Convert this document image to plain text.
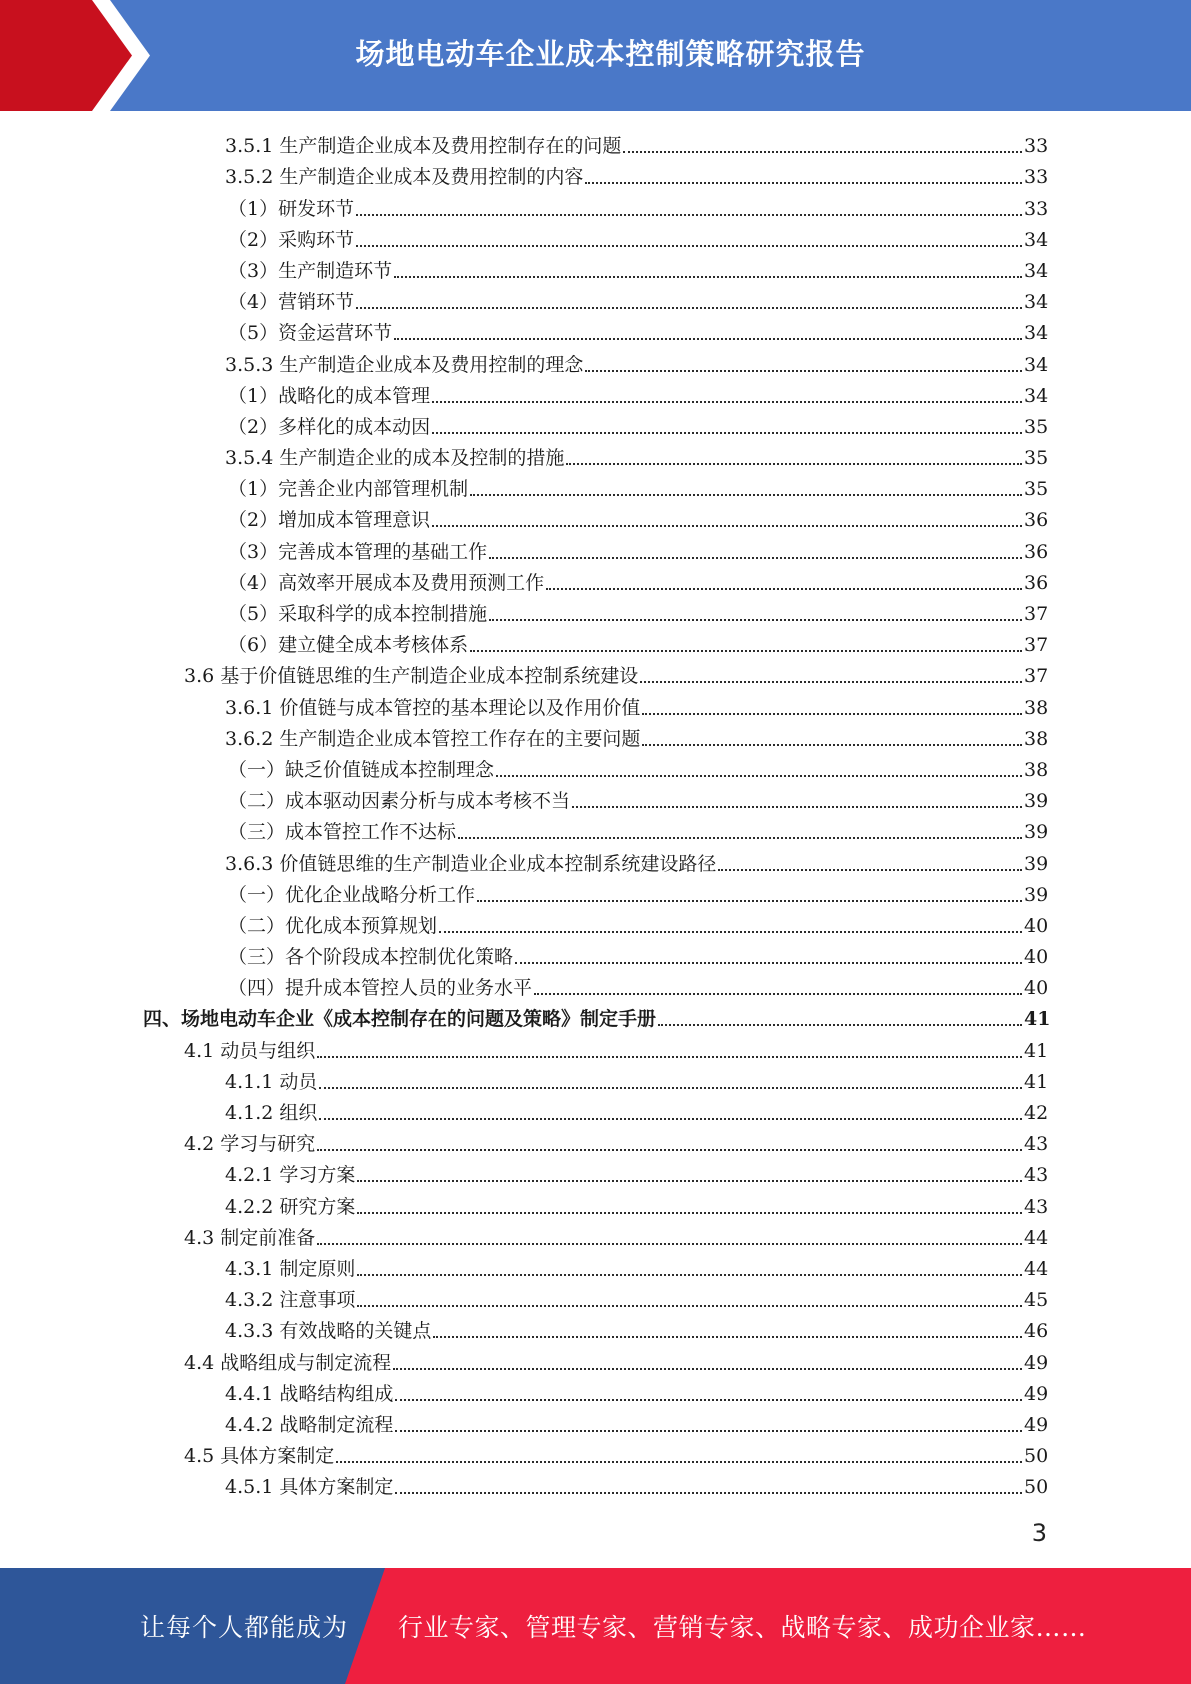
场地电动车企业成本控制策略研究报告
3.5.1 生产制造企业成本及费用控制存在的问题	33
3.5.2 生产制造企业成本及费用控制的内容	33
（1）研发环节	33
（2）采购环节	34
（3）生产制造环节	34
（4）营销环节	34
（5）资金运营环节	34
3.5.3 生产制造企业成本及费用控制的理念	34
（1）战略化的成本管理	34
（2）多样化的成本动因	35
3.5.4 生产制造企业的成本及控制的措施	35
（1）完善企业内部管理机制	35
（2）增加成本管理意识	36
（3）完善成本管理的基础工作	36
（4）高效率开展成本及费用预测工作	36
（5）采取科学的成本控制措施	37
（6）建立健全成本考核体系	37
3.6 基于价值链思维的生产制造企业成本控制系统建设	37
3.6.1 价值链与成本管控的基本理论以及作用价值	38
3.6.2 生产制造企业成本管控工作存在的主要问题	38
（一）缺乏价值链成本控制理念	38
（二）成本驱动因素分析与成本考核不当	39
（三）成本管控工作不达标	39
3.6.3 价值链思维的生产制造业企业成本控制系统建设路径	39
（一）优化企业战略分析工作	39
（二）优化成本预算规划	40
（三）各个阶段成本控制优化策略	40
（四）提升成本管控人员的业务水平	40
四、场地电动车企业《成本控制存在的问题及策略》制定手册	41
4.1 动员与组织	41
4.1.1 动员	41
4.1.2 组织	42
4.2 学习与研究	43
4.2.1 学习方案	43
4.2.2 研究方案	43
4.3 制定前准备	44
4.3.1 制定原则	44
4.3.2 注意事项	45
4.3.3 有效战略的关键点	46
4.4 战略组成与制定流程	49
4.4.1 战略结构组成	49
4.4.2 战略制定流程	49
4.5 具体方案制定	50
4.5.1 具体方案制定	50
3
让每个人都能成为 行业专家、管理专家、营销专家、战略专家、成功企业家……
